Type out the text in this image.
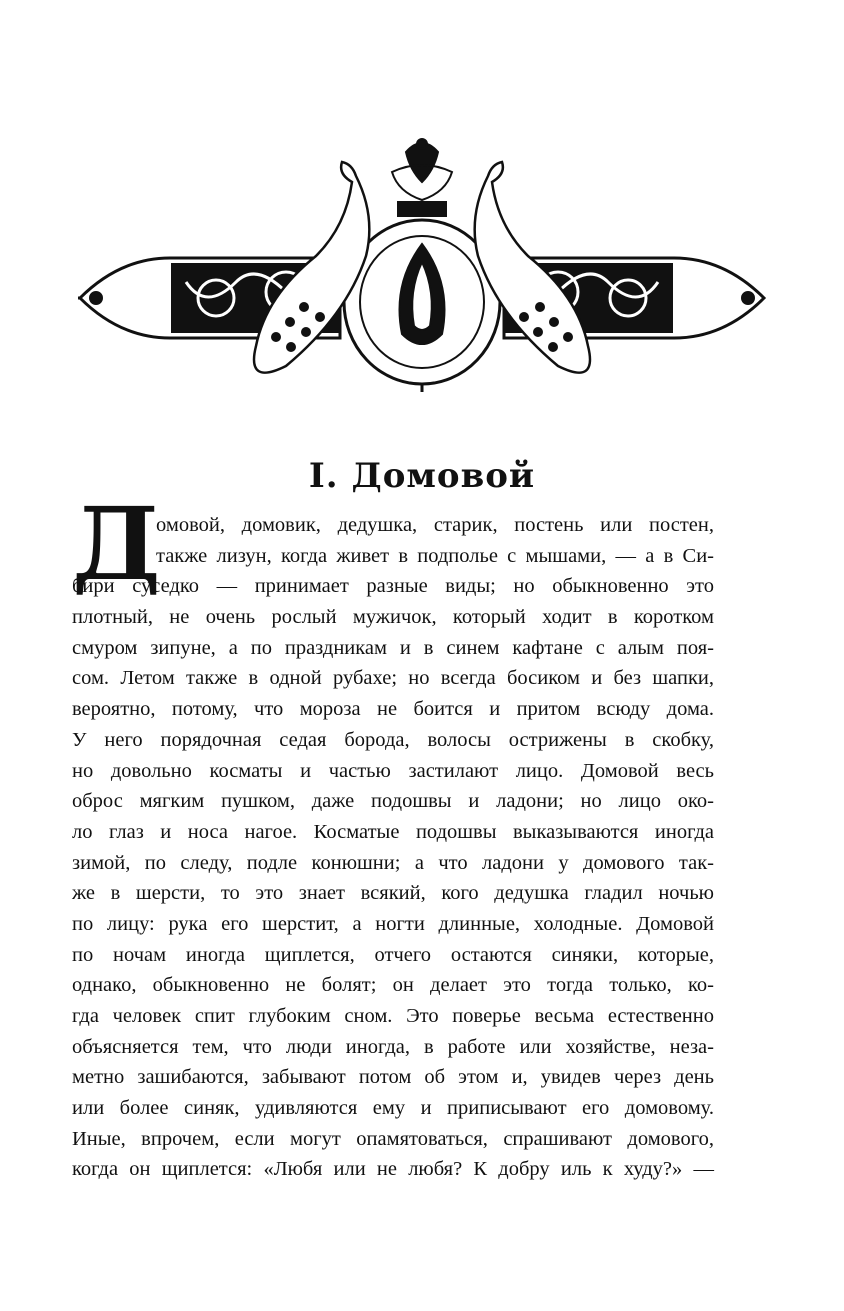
I. Домовой
Д
омовой, домовик, дедушка, старик, постень или постен,
также лизун, когда живет в подполье с мышами, — а в Си-
бири суседко — принимает разные виды; но обыкновенно это
плотный, не очень рослый мужичок, который ходит в коротком
смуром зипуне, а по праздникам и в синем кафтане с алым поя-
сом. Летом также в одной рубахе; но всегда босиком и без шапки,
вероятно, потому, что мороза не боится и притом всюду дома.
У него порядочная седая борода, волосы острижены в скобку,
но довольно косматы и частью застилают лицо. Домовой весь
оброс мягким пушком, даже подошвы и ладони; но лицо око-
ло глаз и носа нагое. Косматые подошвы выказываются иногда
зимой, по следу, подле конюшни; а что ладони у домового так-
же в шерсти, то это знает всякий, кого дедушка гладил ночью
по лицу: рука его шерстит, а ногти длинные, холодные. Домовой
по ночам иногда щиплется, отчего остаются синяки, которые,
однако, обыкновенно не болят; он делает это тогда только, ко-
гда человек спит глубоким сном. Это поверье весьма естественно
объясняется тем, что люди иногда, в работе или хозяйстве, неза-
метно зашибаются, забывают потом об этом и, увидев через день
или более синяк, удивляются ему и приписывают его домовому.
Иные, впрочем, если могут опамятоваться, спрашивают домового,
когда он щиплется: «Любя или не любя? К добру иль к худу?» —
